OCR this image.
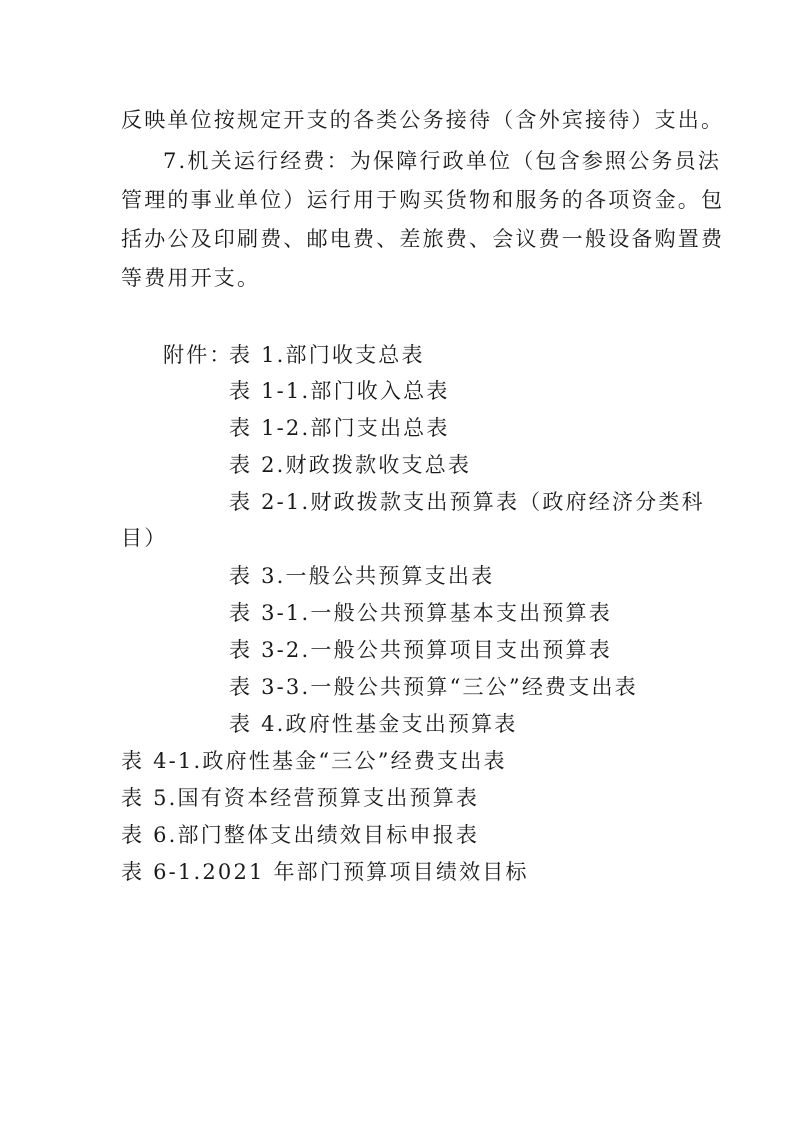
反映单位按规定开支的各类公务接待（含外宾接待）支出。
7.机关运行经费：为保障行政单位（包含参照公务员法
管理的事业单位）运行用于购买货物和服务的各项资金。包
括办公及印刷费、邮电费、差旅费、会议费一般设备购置费
等费用开支。
附件：
表 1.部门收支总表
表 1-1.部门收入总表
表 1-2.部门支出总表
表 2.财政拨款收支总表
表 2-1.财政拨款支出预算表（政府经济分类科
目）
表 3.一般公共预算支出表
表 3-1.一般公共预算基本支出预算表
表 3-2.一般公共预算项目支出预算表
表 3-3.一般公共预算“三公”经费支出表
表 4.政府性基金支出预算表
表 4-1.政府性基金“三公”经费支出表
表 5.国有资本经营预算支出预算表
表 6.部门整体支出绩效目标申报表
表 6-1.2021 年部门预算项目绩效目标
